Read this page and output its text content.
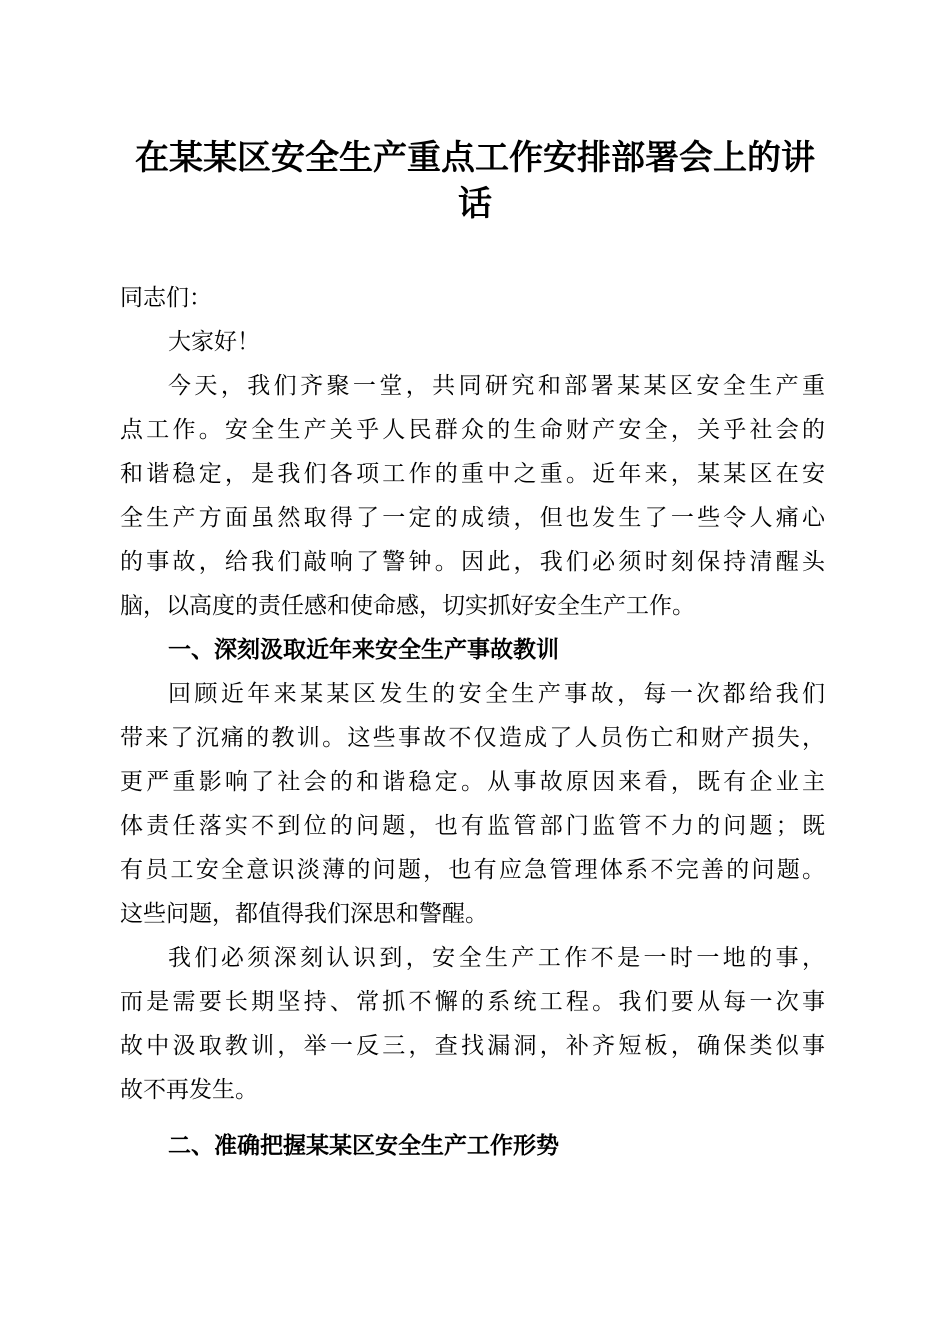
在某某区安全生产重点工作安排部署会上的讲
话
同志们：
大家好！
今天，我们齐聚一堂，共同研究和部署某某区安全生产重
点工作。安全生产关乎人民群众的生命财产安全，关乎社会的
和谐稳定，是我们各项工作的重中之重。近年来，某某区在安
全生产方面虽然取得了一定的成绩，但也发生了一些令人痛心
的事故，给我们敲响了警钟。因此，我们必须时刻保持清醒头
脑，以高度的责任感和使命感，切实抓好安全生产工作。
一、深刻汲取近年来安全生产事故教训
回顾近年来某某区发生的安全生产事故，每一次都给我们
带来了沉痛的教训。这些事故不仅造成了人员伤亡和财产损失，
更严重影响了社会的和谐稳定。从事故原因来看，既有企业主
体责任落实不到位的问题，也有监管部门监管不力的问题；既
有员工安全意识淡薄的问题，也有应急管理体系不完善的问题。
这些问题，都值得我们深思和警醒。
我们必须深刻认识到，安全生产工作不是一时一地的事，
而是需要长期坚持、常抓不懈的系统工程。我们要从每一次事
故中汲取教训，举一反三，查找漏洞，补齐短板，确保类似事
故不再发生。
二、准确把握某某区安全生产工作形势
